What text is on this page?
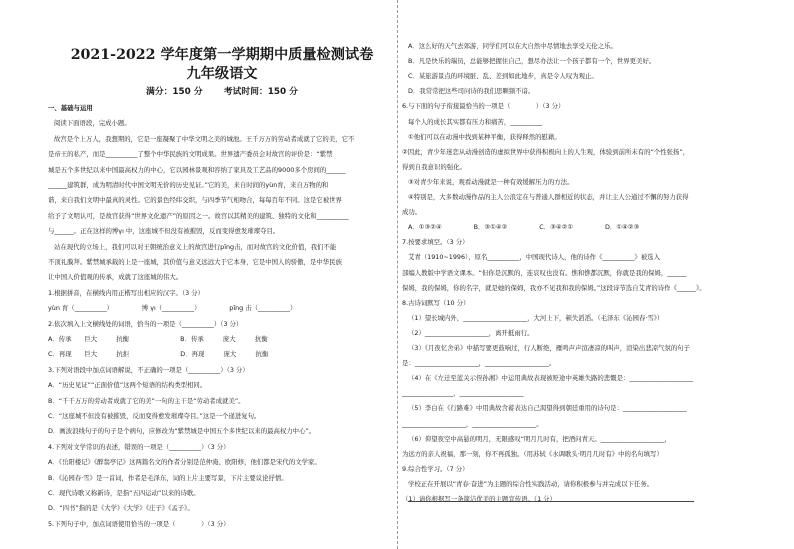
2021-2022 学年度第一学期期中质量检测试卷
九年级语文
满分：150 分 考试时间：150 分
一、基础与运用
阅读下面语段，完成小题。
故宫是个上万人，我想期的，它是一座凝聚了中华文明之美的城池。王千万万的劳动者成就了它的美，它不
是帝王的私产，而是__________了整个中华民族的文明成果。世界遗产委员会对故宫的评价是：“紫禁
城是五个多世纪以来中国最高权力的中心，它以园林景观和容纳了家具及工艺品的9000多个房间的______
______建筑群，成为明清时代中国文明无价的历史见证。”它的美，来自时间的yùn育，来自万物的和
谐，来自我们文明中最真的灵性。它的景色经纬交织，与四季节气相吻合，每每百年不同。这是它被世界
给予了文明认可，是故宫获得“世界文化遗产”的原因之一。故宫以其精美的建筑、独特的文化和__________
与______。正在这样的博γı 中，这座城不但没有被摧毁，反而变得愈发璀璨夺目。
站在现代的立场上，我们可以对王朝统治意义上的故宫进行pīng击，而对故宫的文化价值，我们不能
不顶礼膜拜。紫禁城承载的上是一座城，其价值与意义远远大于它本身，它是中国人的骄傲，是中华民族
让中国人价值观的传承，成就了这座城的伟大。
1.根据拼音，在横线内用正楷写出相应的汉字。（3 分）
yùn 育（__________）　　　　　博 γı（__________）　　　　　pīng 击（__________）
2.依次填入上文横线处的词语，恰当的一项是（__________）（3 分）
A．传承　　巨大　　　抗衡　　　　　　　　B．传承　　　庞大　　　抗衡
C．再现　　巨大　　　抗拒　　　　　　　　D．再现　　　庞大　　　抗衡
3.下列对语段中加点词语解说，不正确的一项是（__________）（3 分）
A．“历史见证”“正面价值”这两个短语的结构类型相同。
B．“千千万万的劳动者成就了它的美”一句的主干是“劳动者成就美”。
C．“这座城不但没有被摧毁，反而变得愈发璀璨夺目。”这是一个递进复句。
D．画波浪线句子的句子是个病句，应修改为“紫禁城是中国五个多世纪以来的最高权力中心”。
4.下列对文学常识的表述，错误的一项是（__________）（3 分）
A．《岳阳楼记》《醉翁亭记》这两篇名文的作者分别是范仲淹、欧阳修，他们都是宋代的文学家。
B．《沁园春·雪》是一首词，作者是毛泽东，词的上片主要写景，下片主要议论抒情。
C．现代诗歌又称新诗，是指“五四运动”以来的诗歌。
D．“四书”指的是《大学》《大学》《庄子》《孟子》。
5.下列句子中，加点词语使用恰当的一项是（　　　　）（3 分）
A．这么好的天气去郊游，同学们可以在大自然中尽情地去享受天伦之乐。
B．凡是快乐的瑞员，总能够把握住自己，想尽办法让一个孩子都有一个，世界更美好。
C．某旅游景点的环境脏、乱、差到如此地步，真是令人叹为观止。
D．我常常把这些司问诗的我们思颗频不谙。
6.与下面的句子衔接最恰当的一项是（　　　　）（3 分）
每个人的成长其实都有压力和痛苦，__________
①他们可以在动漫中找到某种平衡，获得释然的慰藉。
②因此，青少年迷恋从动漫创造的虚拟世界中获得积极向上的人生观，体验到前所未有的“个性张扬”，
得到自我意识的强化。
③对青少年来说，观看动漫就是一种有效缓解压力的方法。
④特别是，大多数动漫作品的主人公浪定在与普通人群相近的状态，并让主人公通过不懈的努力获得
成功。
A．①③②④　　　　　B．③①④②　　　　　C．③④②①　　　　　D．①④②③
7.按要求填空。（3 分）
艾青（1910~1996），原名__________，中国现代诗人，他的诗作《__________》被选入
部编人教版中学语文课本。“但你是沉默的，连哀叹也没有。憔和憔都沉默，你就是我的保姆，______
保姆，我的保姆，你的名字，就是她的保姆，我亦不见我和我的保姆。”这段诗节选自艾青的诗作《______》。
8.古诗词默写（10 分）
（1）望长城内外，____________________，大河上下，顿失滔滔。（毛泽东《沁园春·雪》）
（2）____________________，离开抵雨行。
（3）《月夜忆舍弟》中描写要更鼓响过，行人断绝，雁鸣声声渲凄凉的叫声，渲染出悲凉气氛的句子
是：____________________，____________________。
（4）在《左迁至蓝关示侄孙湘》中运用典故表现被贬途中英雄失路的悲慨是：____________________
________________，____________________
（5）李白在《行路难》中用典故含蓄表达自己渴望得到朝廷重用的诗句是：____________________
____________________，____________________。
（6）仰望夜空中高悬的明月，无限感叹“明月几时有，把酒问青天。____________________，
为远方的亲人祝福，那一刻，你不再孤独。（用苏轼《水调歌头·明月几时有》中的名句填写）
9.综合性学习。（7 分）
学校正在开展以“青春·奋进”为主题的综合性实践活动，请你积极参与并完成以下任务。
（1）请你根据写一条简洁优美的主题宣传语。（1 分）
